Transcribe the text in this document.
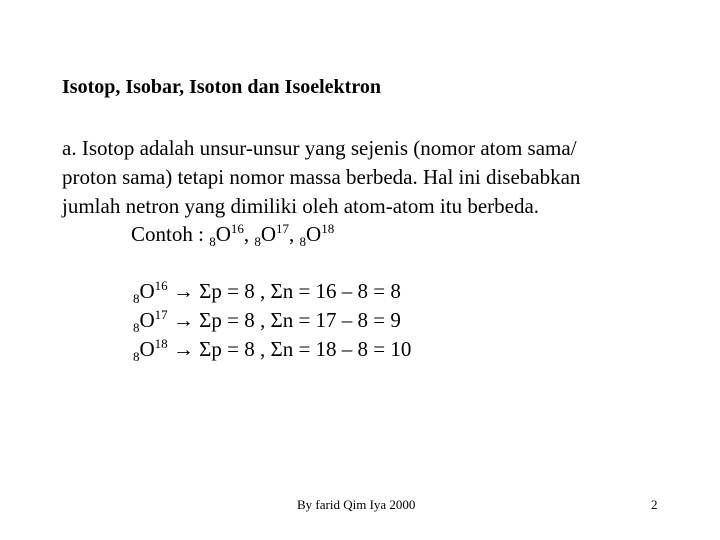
Isotop, Isobar, Isoton dan Isoelektron
a. Isotop adalah unsur-unsur yang sejenis (nomor atom sama/
proton sama) tetapi nomor massa berbeda. Hal ini disebabkan
jumlah netron yang dimiliki oleh atom-atom itu berbeda.
Contoh : $_8O^{16}$, $_8O^{17}$, $_8O^{18}$
$_8O^{16} \to \Sigma p = 8$ , Σn = 16 – 8 = 8
$_8O^{17} \to \Sigma p = 8$ , Σn = 17 – 8 = 9
$_8O^{18} \to \Sigma p = 8$ , Σn = 18 – 8 = 10
By farid Qim Iya 2000	2
